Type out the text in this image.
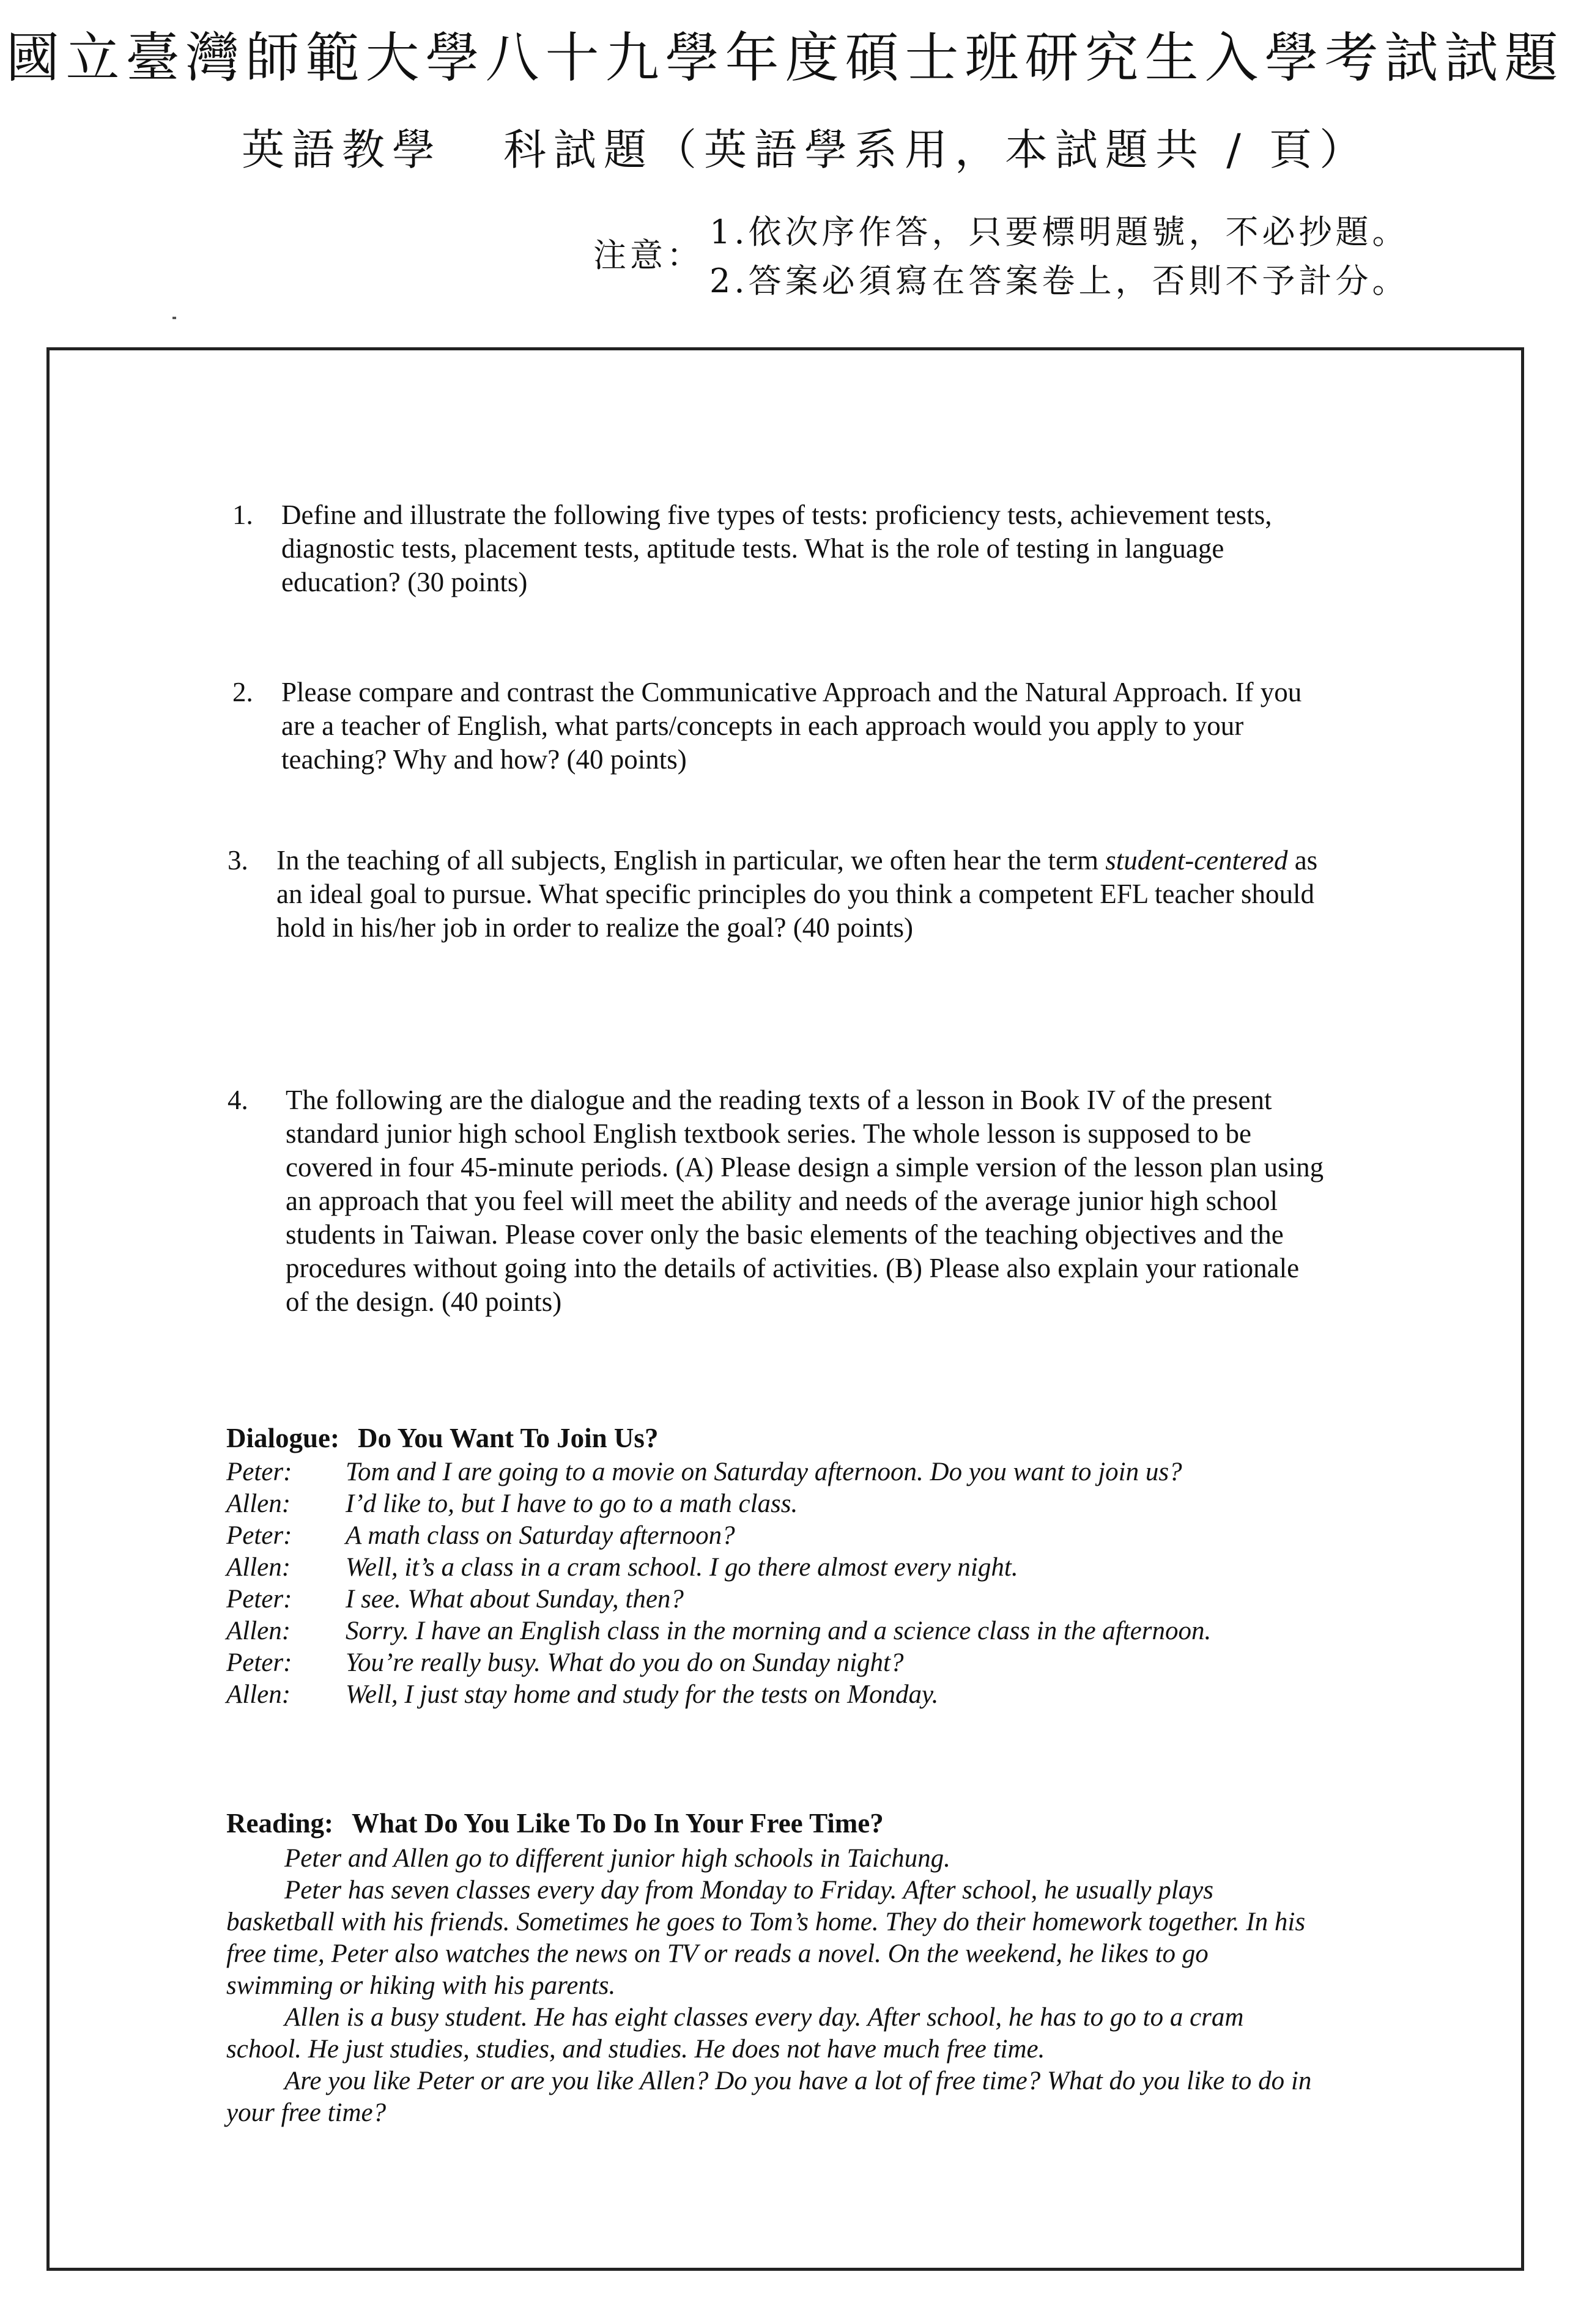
國立臺灣師範大學八十九學年度碩士班研究生入學考試試題
英語教學 科試題（英語學系用，本試題共 / 頁）
注意：
1.依次序作答，只要標明題號，不必抄題。
2.答案必須寫在答案卷上，否則不予計分。
1. Define and illustrate the following five types of tests: proficiency tests, achievement tests, diagnostic tests, placement tests, aptitude tests. What is the role of testing in language education? (30 points)
2. Please compare and contrast the Communicative Approach and the Natural Approach. If you are a teacher of English, what parts/concepts in each approach would you apply to your teaching? Why and how? (40 points)
3. In the teaching of all subjects, English in particular, we often hear the term student-centered as an ideal goal to pursue. What specific principles do you think a competent EFL teacher should hold in his/her job in order to realize the goal? (40 points)
4. The following are the dialogue and the reading texts of a lesson in Book IV of the present standard junior high school English textbook series. The whole lesson is supposed to be covered in four 45-minute periods. (A) Please design a simple version of the lesson plan using an approach that you feel will meet the ability and needs of the average junior high school students in Taiwan. Please cover only the basic elements of the teaching objectives and the procedures without going into the details of activities. (B) Please also explain your rationale of the design. (40 points)
Dialogue: Do You Want To Join Us?
Peter:	Tom and I are going to a movie on Saturday afternoon. Do you want to join us?
Allen:	I’d like to, but I have to go to a math class.
Peter:	A math class on Saturday afternoon?
Allen:	Well, it’s a class in a cram school. I go there almost every night.
Peter:	I see. What about Sunday, then?
Allen:	Sorry. I have an English class in the morning and a science class in the afternoon.
Peter:	You’re really busy. What do you do on Sunday night?
Allen:	Well, I just stay home and study for the tests on Monday.
Reading: What Do You Like To Do In Your Free Time?

Peter and Allen go to different junior high schools in Taichung.

Peter has seven classes every day from Monday to Friday. After school, he usually plays basketball with his friends. Sometimes he goes to Tom’s home. They do their homework together. In his free time, Peter also watches the news on TV or reads a novel. On the weekend, he likes to go swimming or hiking with his parents.

Allen is a busy student. He has eight classes every day. After school, he has to go to a cram school. He just studies, studies, and studies. He does not have much free time.

Are you like Peter or are you like Allen? Do you have a lot of free time? What do you like to do in your free time?
